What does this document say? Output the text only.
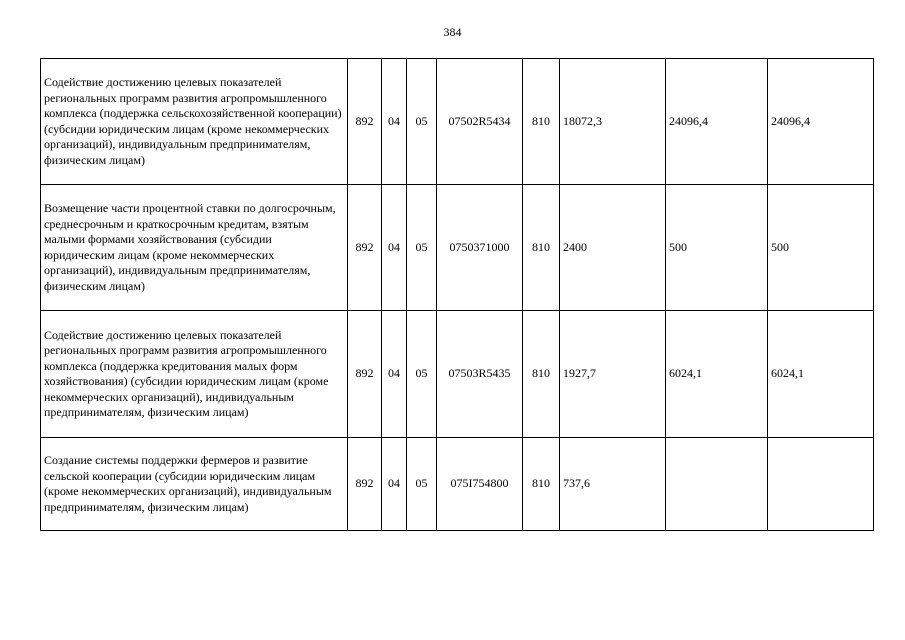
384
Содействие достижению целевых показателей региональных программ развития агропромышленного комплекса (поддержка сельскохозяйственной кооперации) (субсидии юридическим лицам (кроме некоммерческих организаций), индивидуальным предпринимателям, физическим лицам)	892	04	05	07502R5434	810	18072,3	24096,4	24096,4
Возмещение части процентной ставки по долгосрочным, среднесрочным и краткосрочным кредитам, взятым малыми формами хозяйствования (субсидии юридическим лицам (кроме некоммерческих организаций), индивидуальным предпринимателям, физическим лицам)	892	04	05	0750371000	810	2400	500	500
Содействие достижению целевых показателей региональных программ развития агропромышленного комплекса (поддержка кредитования малых форм хозяйствования) (субсидии юридическим лицам (кроме некоммерческих организаций), индивидуальным предпринимателям, физическим лицам)	892	04	05	07503R5435	810	1927,7	6024,1	6024,1
Создание системы поддержки фермеров и развитие сельской кооперации (субсидии юридическим лицам (кроме некоммерческих организаций), индивидуальным предпринимателям, физическим лицам)	892	04	05	075I754800	810	737,6		
